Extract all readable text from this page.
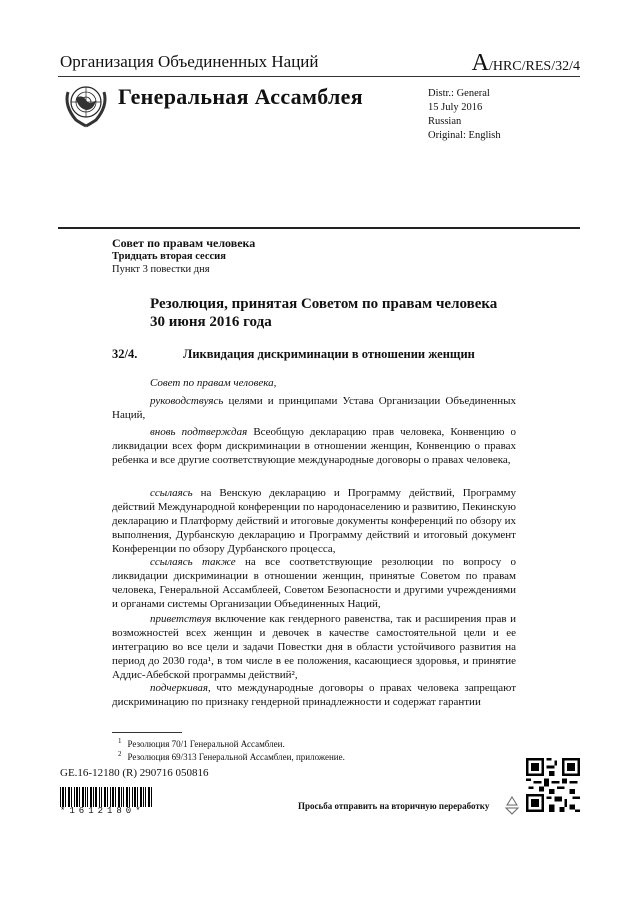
Организация Объединенных Наций	A/HRC/RES/32/4
Генеральная Ассамблея	Distr.: General
15 July 2016
Russian
Original: English
Совет по правам человека
Тридцать вторая сессия
Пункт 3 повестки дня
Резолюция, принятая Советом по правам человека
30 июня 2016 года
32/4.	Ликвидация дискриминации в отношении женщин
Совет по правам человека,
руководствуясь целями и принципами Устава Организации Объединенных Наций,
вновь подтверждая Всеобщую декларацию прав человека, Конвенцию о ликвидации всех форм дискриминации в отношении женщин, Конвенцию о правах ребенка и все другие соответствующие международные договоры о правах человека,
ссылаясь на Венскую декларацию и Программу действий, Программу действий Международной конференции по народонаселению и развитию, Пекинскую декларацию и Платформу действий и итоговые документы конференций по обзору их выполнения, Дурбанскую декларацию и Программу действий и итоговый документ Конференции по обзору Дурбанского процесса,
ссылаясь также на все соответствующие резолюции по вопросу о ликвидации дискриминации в отношении женщин, принятые Советом по правам человека, Генеральной Ассамблеей, Советом Безопасности и другими учреждениями и органами системы Организации Объединенных Наций,
приветствуя включение как гендерного равенства, так и расширения прав и возможностей всех женщин и девочек в качестве самостоятельной цели и ее интеграцию во все цели и задачи Повестки дня в области устойчивого развития на период до 2030 года¹, в том числе в ее положения, касающиеся здоровья, и принятие Аддис-Абебской программы действий²,
подчеркивая, что международные договоры о правах человека запрещают дискриминацию по признаку гендерной принадлежности и содержат гарантии
$^1$ Резолюция 70/1 Генеральной Ассамблеи.
$^2$ Резолюция 69/313 Генеральной Ассамблеи, приложение.
GE.16-12180 (R) 290716 050816
*1612180*	Просьба отправить на вторичную переработку
